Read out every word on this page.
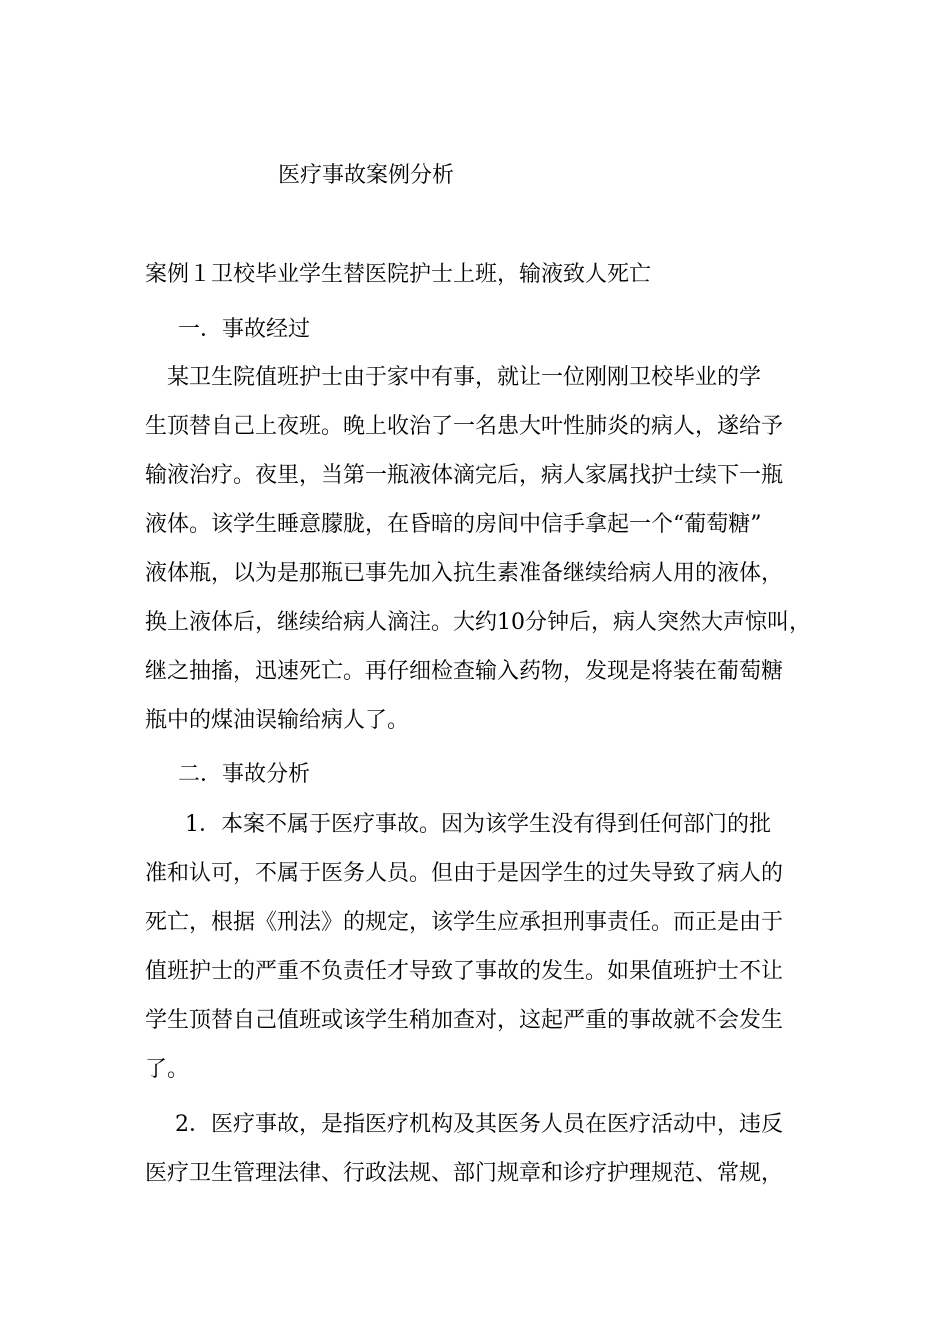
医疗事故案例分析
案例１卫校毕业学生替医院护士上班，输液致人死亡
一．事故经过

某卫生院值班护士由于家中有事，就让一位刚刚卫校毕业的学
生顶替自己上夜班。晚上收治了一名患大叶性肺炎的病人，遂给予
输液治疗。夜里，当第一瓶液体滴完后，病人家属找护士续下一瓶
液体。该学生睡意朦胧，在昏暗的房间中信手拿起一个“葡萄糖”
液体瓶，以为是那瓶已事先加入抗生素准备继续给病人用的液体，
换上液体后，继续给病人滴注。大约10分钟后，病人突然大声惊叫，
继之抽搐，迅速死亡。再仔细检查输入药物，发现是将装在葡萄糖
瓶中的煤油误输给病人了。

二．事故分析

1．本案不属于医疗事故。因为该学生没有得到任何部门的批
准和认可，不属于医务人员。但由于是因学生的过失导致了病人的
死亡，根据《刑法》的规定，该学生应承担刑事责任。而正是由于
值班护士的严重不负责任才导致了事故的发生。如果值班护士不让
学生顶替自己值班或该学生稍加查对，这起严重的事故就不会发生
了。

2．医疗事故，是指医疗机构及其医务人员在医疗活动中，违反
医疗卫生管理法律、行政法规、部门规章和诊疗护理规范、常规，
